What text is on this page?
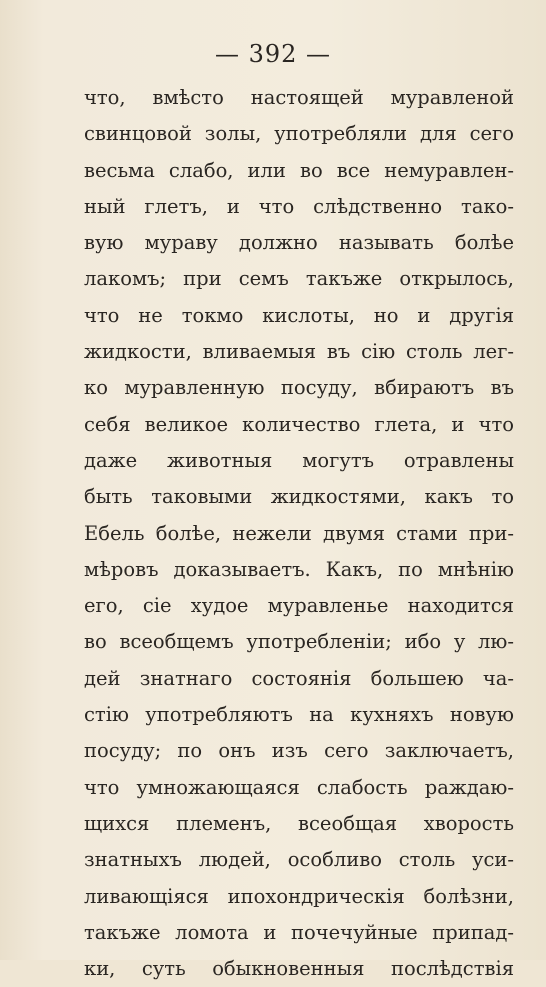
— 392 —
что, вмѣсто настоящей муравленой
свинцовой золы, употребляли для сего
весьма слабо, или во все немуравлен-
ный глетъ, и что слѣдственно тако-
вую мураву должно называть болѣе
лакомъ; при семъ такъже открылось,
что не токмо кислоты, но и другія
жидкости, вливаемыя въ сію столь лег-
ко муравленную посуду, вбираютъ въ
себя великое количество глета, и что
даже животныя могутъ отравлены
быть таковыми жидкостями, какъ то
Ебель болѣе, нежели двумя стами при-
мѣровъ доказываетъ. Какъ, по мнѣнію
его, сіе худое муравленье находится
во всеобщемъ употребленіи; ибо у лю-
дей знатнаго состоянія большею ча-
стію употребляютъ на кухняхъ новую
посуду; по онъ изъ сего заключаетъ,
что умножающаяся слабость раждаю-
щихся племенъ, всеобщая хворость
знатныхъ людей, особливо столь уси-
ливающіяся ипохондрическія болѣзни,
такъже ломота и почечуйные припад-
ки, суть обыкновенныя послѣдствія
